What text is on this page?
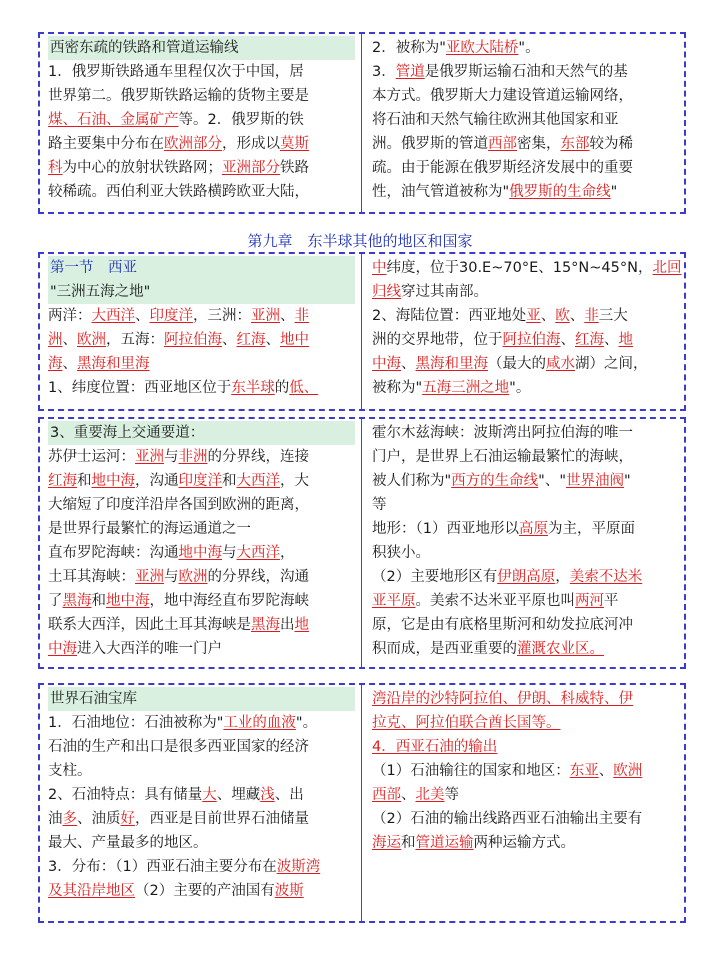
西密东疏的铁路和管道运输线
1．俄罗斯铁路通车里程仅次于中国，居
世界第二。俄罗斯铁路运输的货物主要是
煤、石油、金属矿产等。2．俄罗斯的铁
路主要集中分布在欧洲部分，形成以莫斯
科为中心的放射状铁路网；亚洲部分铁路
较稀疏。西伯利亚大铁路横跨欧亚大陆，
2．被称为"亚欧大陆桥"。
3．管道是俄罗斯运输石油和天然气的基
本方式。俄罗斯大力建设管道运输网络，
将石油和天然气输往欧洲其他国家和亚
洲。俄罗斯的管道西部密集，东部较为稀
疏。由于能源在俄罗斯经济发展中的重要
性，油气管道被称为"俄罗斯的生命线"
第九章　东半球其他的地区和国家
第一节　西亚
"三洲五海之地"
两洋：大西洋、印度洋，三洲：亚洲、非
洲、欧洲，五海：阿拉伯海、红海、地中
海、黑海和里海
1、纬度位置：西亚地区位于东半球的低、
中纬度，位于30.E~70°E、15°N~45°N，北回
归线穿过其南部。
2、海陆位置：西亚地处亚、欧、非三大
洲的交界地带，位于阿拉伯海、红海、地
中海、黑海和里海（最大的咸水湖）之间，
被称为"五海三洲之地"。
3、重要海上交通要道：
苏伊士运河：亚洲与非洲的分界线，连接
红海和地中海，沟通印度洋和大西洋，大
大缩短了印度洋沿岸各国到欧洲的距离，
是世界行最繁忙的海运通道之一
直布罗陀海峡：沟通地中海与大西洋，
土耳其海峡：亚洲与欧洲的分界线，沟通
了黑海和地中海，地中海经直布罗陀海峡
联系大西洋，因此土耳其海峡是黑海出地
中海进入大西洋的唯一门户
霍尔木兹海峡：波斯湾出阿拉伯海的唯一
门户，是世界上石油运输最繁忙的海峡，
被人们称为"西方的生命线"、"世界油阀"
等
地形：（1）西亚地形以高原为主，平原面
积狭小。
（2）主要地形区有伊朗高原，美索不达米
亚平原。美索不达米亚平原也叫两河平
原，它是由有底格里斯河和幼发拉底河冲
积而成，是西亚重要的灌溉农业区。
世界石油宝库
1．石油地位：石油被称为"工业的血液"。
石油的生产和出口是很多西亚国家的经济
支柱。
2、石油特点：具有储量大、埋藏浅、出
油多、油质好，西亚是目前世界石油储量
最大、产量最多的地区。
3．分布：（1）西亚石油主要分布在波斯湾
及其沿岸地区（2）主要的产油国有波斯
湾沿岸的沙特阿拉伯、伊朗、科威特、伊
拉克、阿拉伯联合酋长国等。
4．西亚石油的输出
（1）石油输往的国家和地区：东亚、欧洲
西部、北美等
（2）石油的输出线路西亚石油输出主要有
海运和管道运输两种运输方式。
